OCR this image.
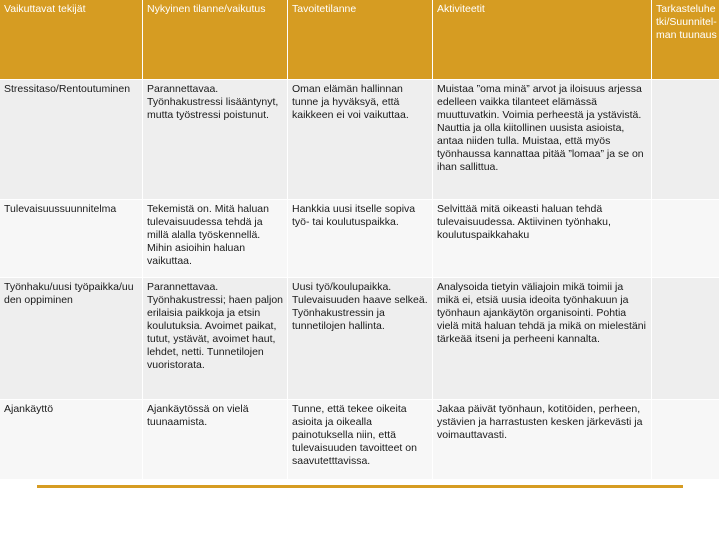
Vaikuttavat tekijät	Nykyinen tilanne/vaikutus	Tavoitetilanne	Aktiviteetit	Tarkasteluhetki/Suunnitelman tuunaus
Stressitaso/Rentoutuminen	Parannettavaa. Työnhakustressi lisääntynyt, mutta työstressi poistunut.	Oman elämän hallinnan tunne ja hyväksyä, että kaikkeen ei voi vaikuttaa.	Muistaa ”oma minä” arvot ja iloisuus arjessa edelleen vaikka tilanteet elämässä muuttuvatkin. Voimia perheestä ja ystävistä. Nauttia ja olla kiitollinen uusista asioista, antaa niiden tulla. Muistaa, että myös työnhaussa kannattaa pitää ”lomaa” ja se on ihan sallittua.	
Tulevaisuussuunnitelma	Tekemistä on. Mitä haluan tulevaisuudessa tehdä ja millä alalla työskennellä. Mihin asioihin haluan vaikuttaa.	Hankkia uusi itselle sopiva työ- tai koulutuspaikka.	Selvittää mitä oikeasti haluan tehdä tulevaisuudessa. Aktiivinen työnhaku, koulutuspaikkahaku	
Työnhaku/uusi työpaikka/uuden oppiminen	Parannettavaa. Työnhakustressi; haen paljon erilaisia paikkoja ja etsin koulutuksia. Avoimet paikat, tutut, ystävät, avoimet haut, lehdet, netti. Tunnetilojen vuoristorata.	Uusi työ/koulupaikka. Tulevaisuuden haave selkeä. Työnhakustressin ja tunnetilojen hallinta.	Analysoida tietyin väliajoin mikä toimii ja mikä ei, etsiä uusia ideoita työnhakuun ja työnhaun ajankäytön organisointi. Pohtia vielä mitä haluan tehdä ja mikä on mielestäni tärkeää itseni ja perheeni kannalta.	
Ajankäyttö	Ajankäytössä on vielä tuunaamista.	Tunne, että tekee oikeita asioita ja oikealla painotuksella niin, että tulevaisuuden tavoitteet on saavutetttavissa.	Jakaa päivät työnhaun, kotitöiden, perheen, ystävien ja harrastusten kesken järkevästi ja voimauttavasti.	
